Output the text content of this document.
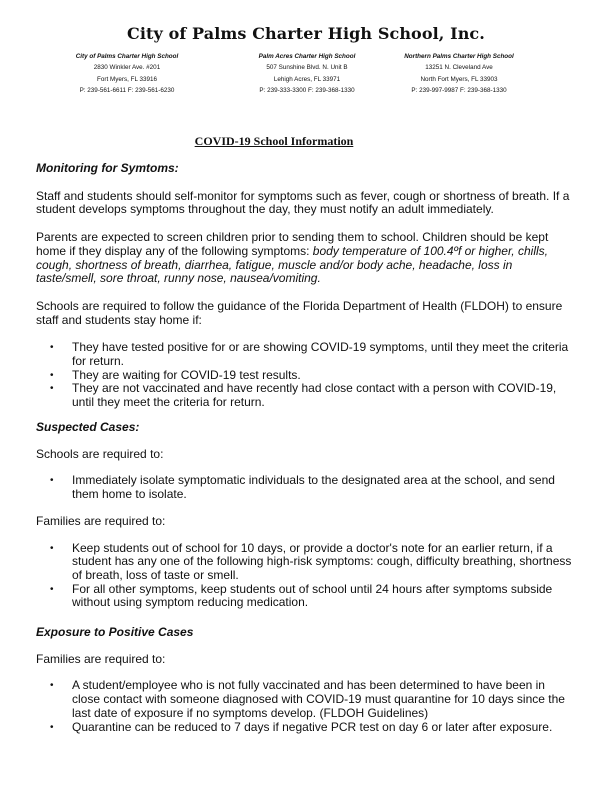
City of Palms Charter High School, Inc.
City of Palms Charter High School
2830 Winkler Ave. #201
Fort Myers, FL 33916
P: 239-561-6611 F: 239-561-6230
Palm Acres Charter High School
507 Sunshine Blvd. N. Unit B
Lehigh Acres, FL 33971
P: 239-333-3300 F: 239-368-1330
Northern Palms Charter High School
13251 N. Cleveland Ave
North Fort Myers, FL 33903
P: 239-997-9987 F: 239-368-1330
COVID-19 School Information

Monitoring for Symtoms:

Staff and students should self-monitor for symptoms such as fever, cough or shortness of breath. If a student develops symptoms throughout the day, they must notify an adult immediately.

Parents are expected to screen children prior to sending them to school. Children should be kept home if they display any of the following symptoms: body temperature of 100.4ºf or higher, chills, cough, shortness of breath, diarrhea, fatigue, muscle and/or body ache, headache, loss in taste/smell, sore throat, runny nose, nausea/vomiting.

Schools are required to follow the guidance of the Florida Department of Health (FLDOH) to ensure staff and students stay home if:

• They have tested positive for or are showing COVID-19 symptoms, until they meet the criteria for return.
• They are waiting for COVID-19 test results.
• They are not vaccinated and have recently had close contact with a person with COVID-19, until they meet the criteria for return.

Suspected Cases:

Schools are required to:

• Immediately isolate symptomatic individuals to the designated area at the school, and send them home to isolate.

Families are required to:

• Keep students out of school for 10 days, or provide a doctor's note for an earlier return, if a student has any one of the following high-risk symptoms: cough, difficulty breathing, shortness of breath, loss of taste or smell.
• For all other symptoms, keep students out of school until 24 hours after symptoms subside without using symptom reducing medication.

Exposure to Positive Cases

Families are required to:

• A student/employee who is not fully vaccinated and has been determined to have been in close contact with someone diagnosed with COVID-19 must quarantine for 10 days since the last date of exposure if no symptoms develop. (FLDOH Guidelines)
• Quarantine can be reduced to 7 days if negative PCR test on day 6 or later after exposure.
